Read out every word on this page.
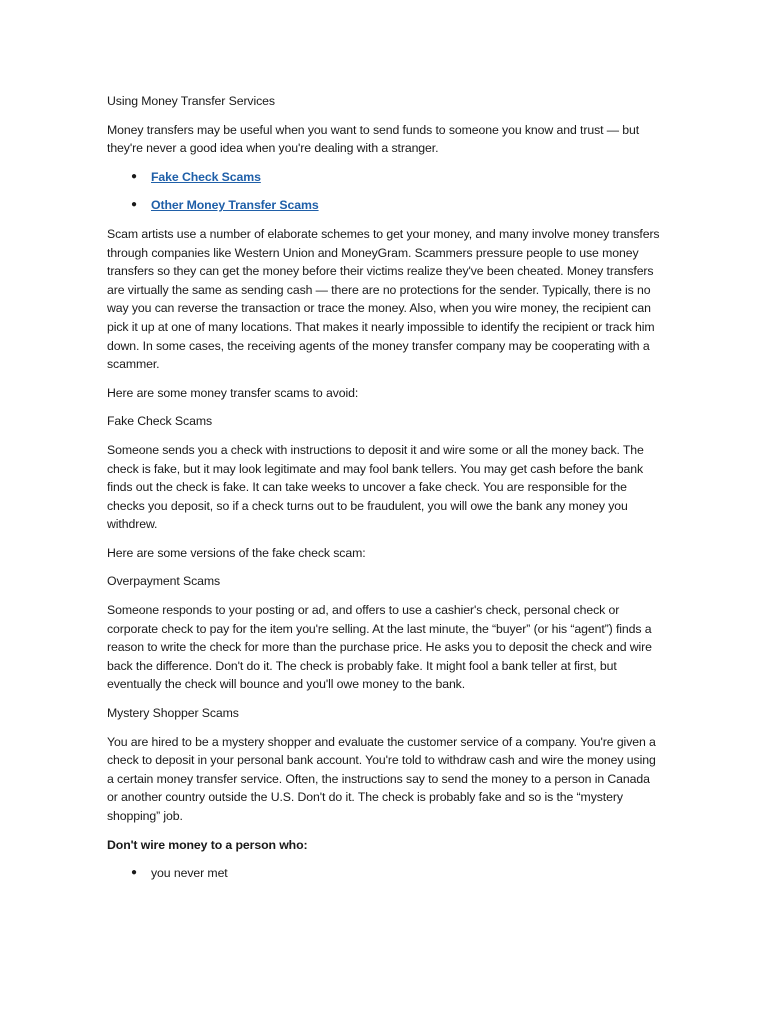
Using Money Transfer Services

Money transfers may be useful when you want to send funds to someone you know and trust — but they're never a good idea when you're dealing with a stranger.

● Fake Check Scams
● Other Money Transfer Scams

Scam artists use a number of elaborate schemes to get your money, and many involve money transfers through companies like Western Union and MoneyGram. Scammers pressure people to use money transfers so they can get the money before their victims realize they've been cheated. Money transfers are virtually the same as sending cash — there are no protections for the sender. Typically, there is no way you can reverse the transaction or trace the money. Also, when you wire money, the recipient can pick it up at one of many locations. That makes it nearly impossible to identify the recipient or track him down. In some cases, the receiving agents of the money transfer company may be cooperating with a scammer.

Here are some money transfer scams to avoid:

Fake Check Scams

Someone sends you a check with instructions to deposit it and wire some or all the money back. The check is fake, but it may look legitimate and may fool bank tellers. You may get cash before the bank finds out the check is fake. It can take weeks to uncover a fake check. You are responsible for the checks you deposit, so if a check turns out to be fraudulent, you will owe the bank any money you withdrew.

Here are some versions of the fake check scam:

Overpayment Scams

Someone responds to your posting or ad, and offers to use a cashier's check, personal check or corporate check to pay for the item you're selling. At the last minute, the “buyer” (or his “agent”) finds a reason to write the check for more than the purchase price. He asks you to deposit the check and wire back the difference. Don't do it. The check is probably fake. It might fool a bank teller at first, but eventually the check will bounce and you'll owe money to the bank.

Mystery Shopper Scams

You are hired to be a mystery shopper and evaluate the customer service of a company. You're given a check to deposit in your personal bank account. You're told to withdraw cash and wire the money using a certain money transfer service. Often, the instructions say to send the money to a person in Canada or another country outside the U.S. Don't do it. The check is probably fake and so is the “mystery shopping” job.

Don't wire money to a person who:

● you never met
